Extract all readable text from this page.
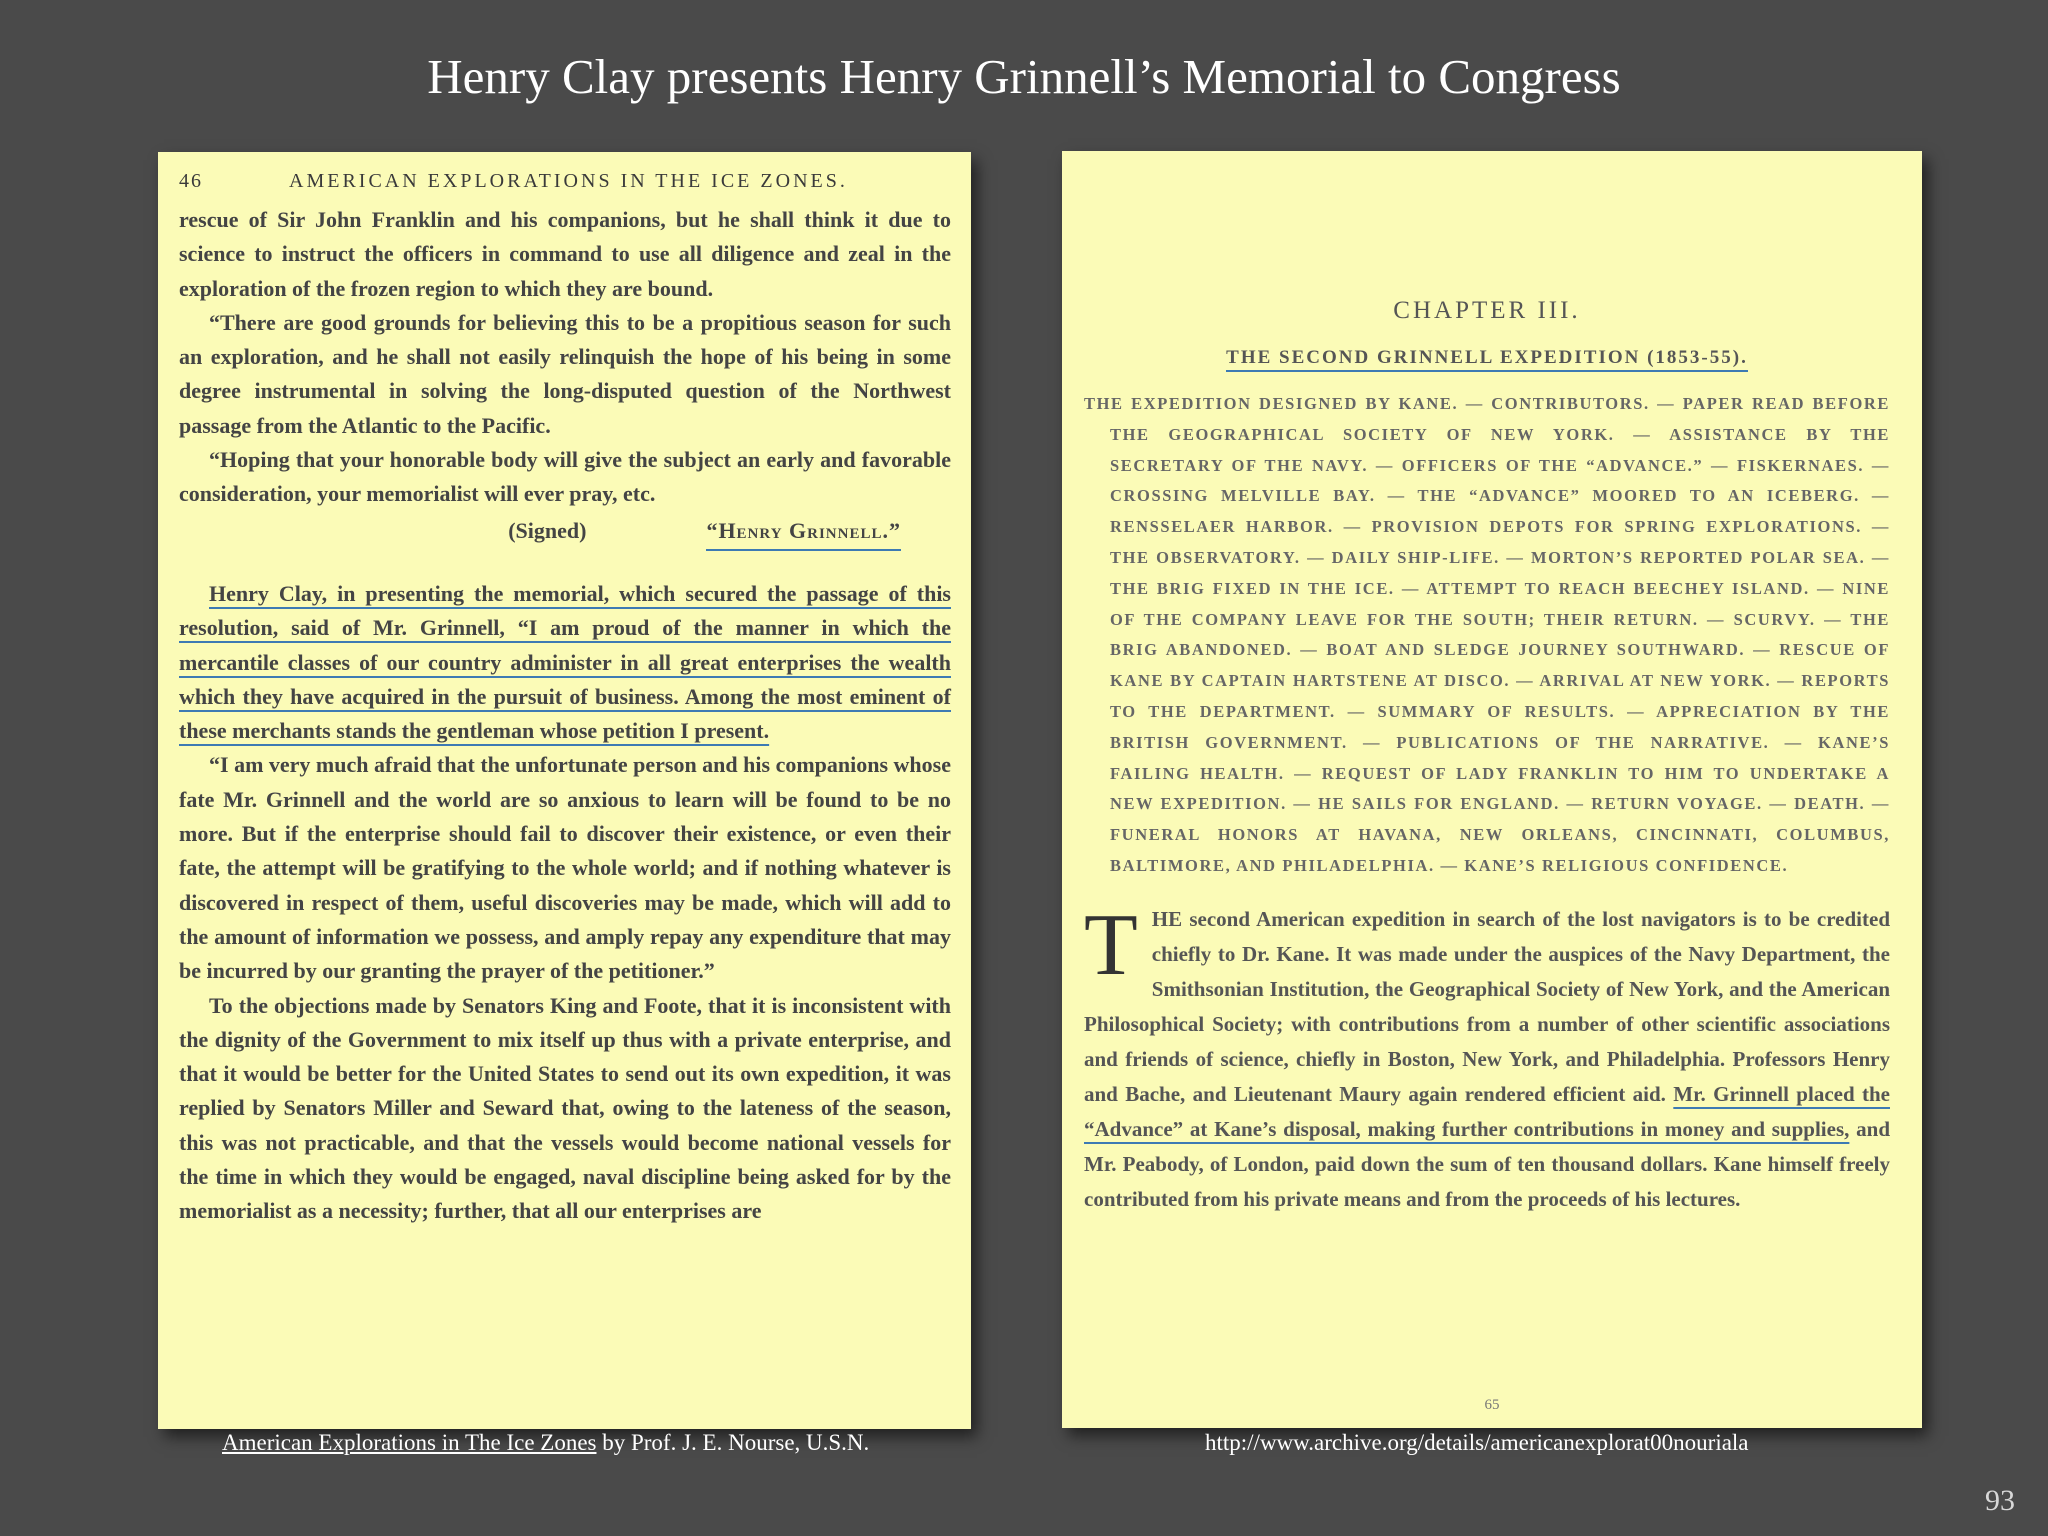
Henry Clay presents Henry Grinnell’s Memorial to Congress
46	AMERICAN EXPLORATIONS IN THE ICE ZONES.

rescue of Sir John Franklin and his companions, but he shall think it due to science to instruct the officers in command to use all diligence and zeal in the exploration of the frozen region to which they are bound.

“There are good grounds for believing this to be a propitious season for such an exploration, and he shall not easily relinquish the hope of his being in some degree instrumental in solving the long-disputed question of the Northwest passage from the Atlantic to the Pacific.

“Hoping that your honorable body will give the subject an early and favorable consideration, your memorialist will ever pray, etc.

(Signed)	“Henry Grinnell.”

Henry Clay, in presenting the memorial, which secured the passage of this resolution, said of Mr. Grinnell, “I am proud of the manner in which the mercantile classes of our country administer in all great enterprises the wealth which they have acquired in the pursuit of business. Among the most eminent of these merchants stands the gentleman whose petition I present.

“I am very much afraid that the unfortunate person and his companions whose fate Mr. Grinnell and the world are so anxious to learn will be found to be no more. But if the enterprise should fail to discover their existence, or even their fate, the attempt will be gratifying to the whole world; and if nothing whatever is discovered in respect of them, useful discoveries may be made, which will add to the amount of information we possess, and amply repay any expenditure that may be incurred by our granting the prayer of the petitioner.”

To the objections made by Senators King and Foote, that it is inconsistent with the dignity of the Government to mix itself up thus with a private enterprise, and that it would be better for the United States to send out its own expedition, it was replied by Senators Miller and Seward that, owing to the lateness of the season, this was not practicable, and that the vessels would become national vessels for the time in which they would be engaged, naval discipline being asked for by the memorialist as a necessity; further, that all our enterprises are

CHAPTER III.
THE SECOND GRINNELL EXPEDITION (1853-55).
THE EXPEDITION DESIGNED BY KANE. — CONTRIBUTORS. — PAPER READ BEFORE THE GEOGRAPHICAL SOCIETY OF NEW YORK. — ASSISTANCE BY THE SECRETARY OF THE NAVY. — OFFICERS OF THE “ADVANCE.” — FISKERNAES. — CROSSING MELVILLE BAY. — THE “ADVANCE” MOORED TO AN ICEBERG. — RENSSELAER HARBOR. — PROVISION DEPOTS FOR SPRING EXPLORATIONS. — THE OBSERVATORY. — DAILY SHIP-LIFE. — MORTON’S REPORTED POLAR SEA. — THE BRIG FIXED IN THE ICE. — ATTEMPT TO REACH BEECHEY ISLAND. — NINE OF THE COMPANY LEAVE FOR THE SOUTH; THEIR RETURN. — SCURVY. — THE BRIG ABANDONED. — BOAT AND SLEDGE JOURNEY SOUTHWARD. — RESCUE OF KANE BY CAPTAIN HARTSTENE AT DISCO. — ARRIVAL AT NEW YORK. — REPORTS TO THE DEPARTMENT. — SUMMARY OF RESULTS. — APPRECIATION BY THE BRITISH GOVERNMENT. — PUBLICATIONS OF THE NARRATIVE. — KANE’S FAILING HEALTH. — REQUEST OF LADY FRANKLIN TO HIM TO UNDERTAKE A NEW EXPEDITION. — HE SAILS FOR ENGLAND. — RETURN VOYAGE. — DEATH. — FUNERAL HONORS AT HAVANA, NEW ORLEANS, CINCINNATI, COLUMBUS, BALTIMORE, AND PHILADELPHIA. — KANE’S RELIGIOUS CONFIDENCE.
THE second American expedition in search of the lost navigators is to be credited chiefly to Dr. Kane. It was made under the auspices of the Navy Department, the Smithsonian Institution, the Geographical Society of New York, and the American Philosophical Society; with contributions from a number of other scientific associations and friends of science, chiefly in Boston, New York, and Philadelphia. Professors Henry and Bache, and Lieutenant Maury again rendered efficient aid. Mr. Grinnell placed the “Advance” at Kane’s disposal, making further contributions in money and supplies, and Mr. Peabody, of London, paid down the sum of ten thousand dollars. Kane himself freely contributed from his private means and from the proceeds of his lectures.
65
American Explorations in The Ice Zones by Prof. J. E. Nourse, U.S.N.	http://www.archive.org/details/americanexplorat00nouriala
93
